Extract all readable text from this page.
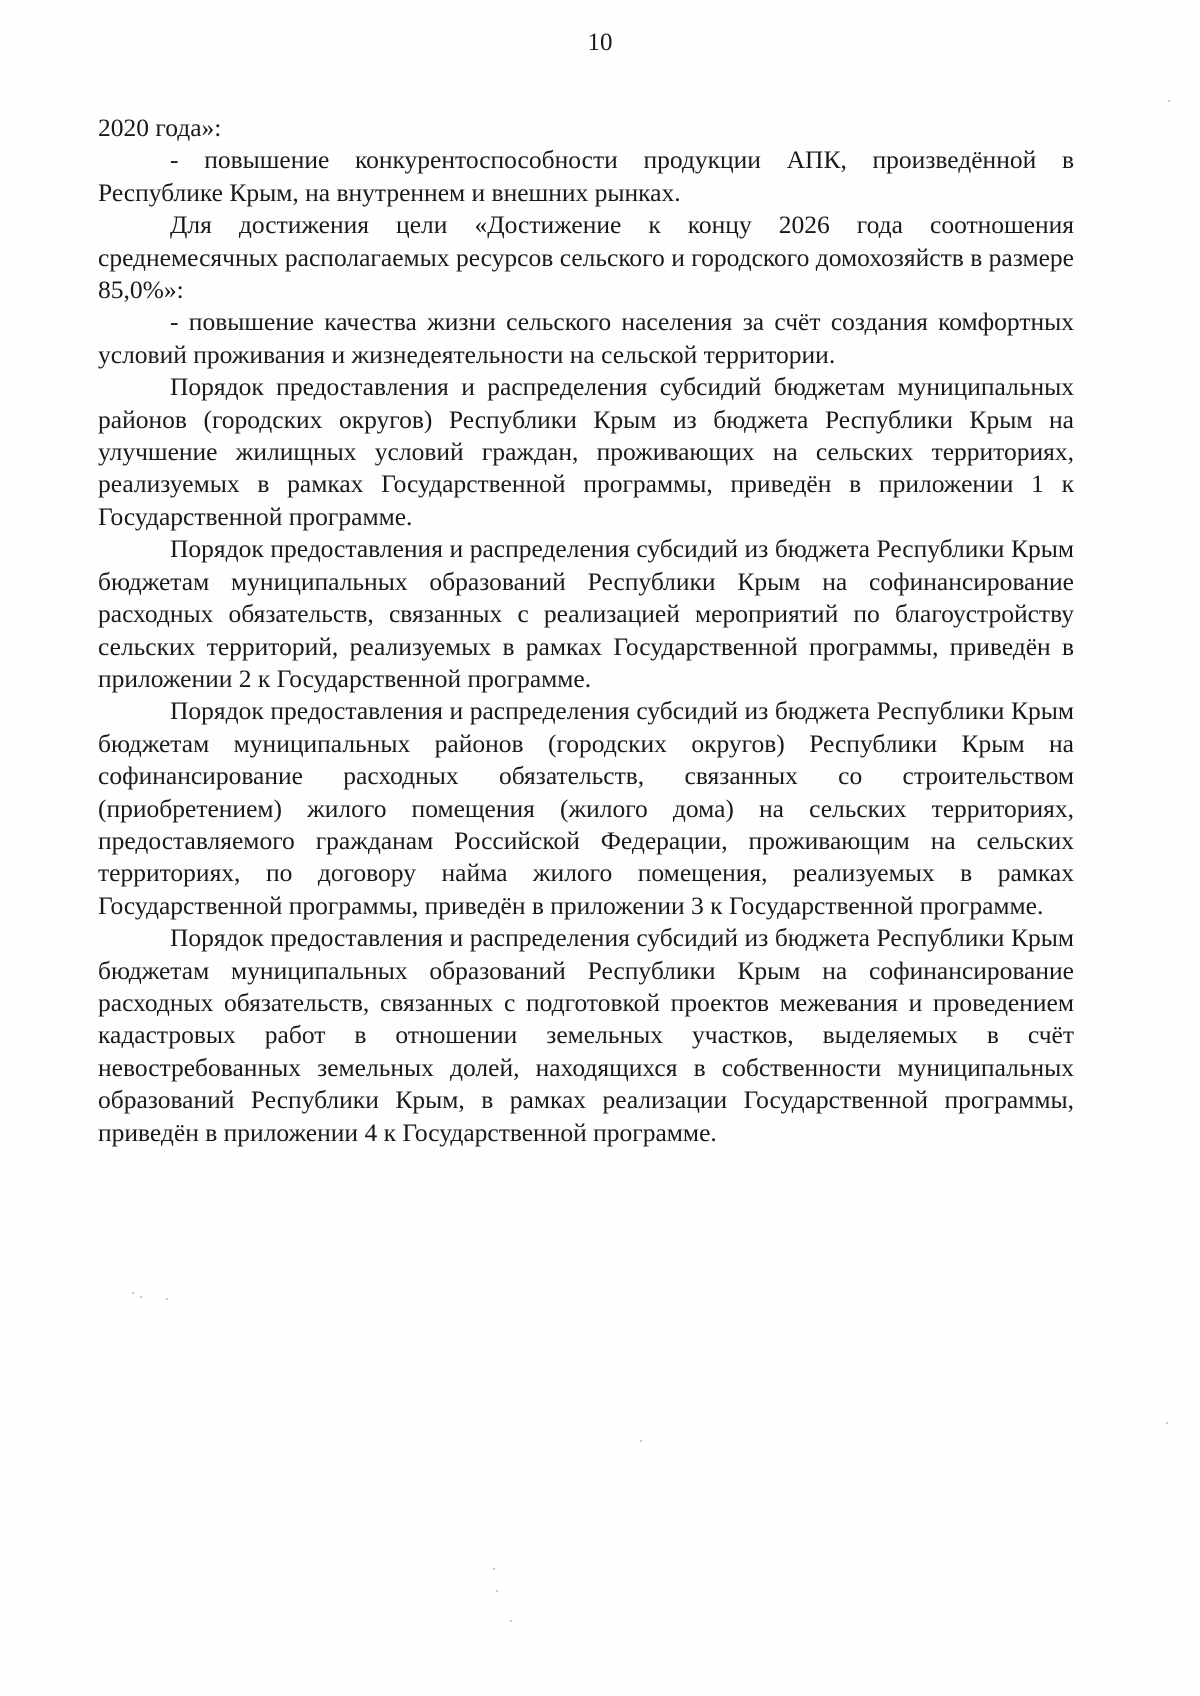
10

2020 года»:

- повышение конкурентоспособности продукции АПК, произведённой в Республике Крым, на внутреннем и внешних рынках.

Для достижения цели «Достижение к концу 2026 года соотношения среднемесячных располагаемых ресурсов сельского и городского домохозяйств в размере 85,0%»:

- повышение качества жизни сельского населения за счёт создания комфортных условий проживания и жизнедеятельности на сельской территории.

Порядок предоставления и распределения субсидий бюджетам муниципальных районов (городских округов) Республики Крым из бюджета Республики Крым на улучшение жилищных условий граждан, проживающих на сельских территориях, реализуемых в рамках Государственной программы, приведён в приложении 1 к Государственной программе.

Порядок предоставления и распределения субсидий из бюджета Республики Крым бюджетам муниципальных образований Республики Крым на софинансирование расходных обязательств, связанных с реализацией мероприятий по благоустройству сельских территорий, реализуемых в рамках Государственной программы, приведён в приложении 2 к Государственной программе.

Порядок предоставления и распределения субсидий из бюджета Республики Крым бюджетам муниципальных районов (городских округов) Республики Крым на софинансирование расходных обязательств, связанных со строительством (приобретением) жилого помещения (жилого дома) на сельских территориях, предоставляемого гражданам Российской Федерации, проживающим на сельских территориях, по договору найма жилого помещения, реализуемых в рамках Государственной программы, приведён в приложении 3 к Государственной программе.

Порядок предоставления и распределения субсидий из бюджета Республики Крым бюджетам муниципальных образований Республики Крым на софинансирование расходных обязательств, связанных с подготовкой проектов межевания и проведением кадастровых работ в отношении земельных участков, выделяемых в счёт невостребованных земельных долей, находящихся в собственности муниципальных образований Республики Крым, в рамках реализации Государственной программы, приведён в приложении 4 к Государственной программе.
